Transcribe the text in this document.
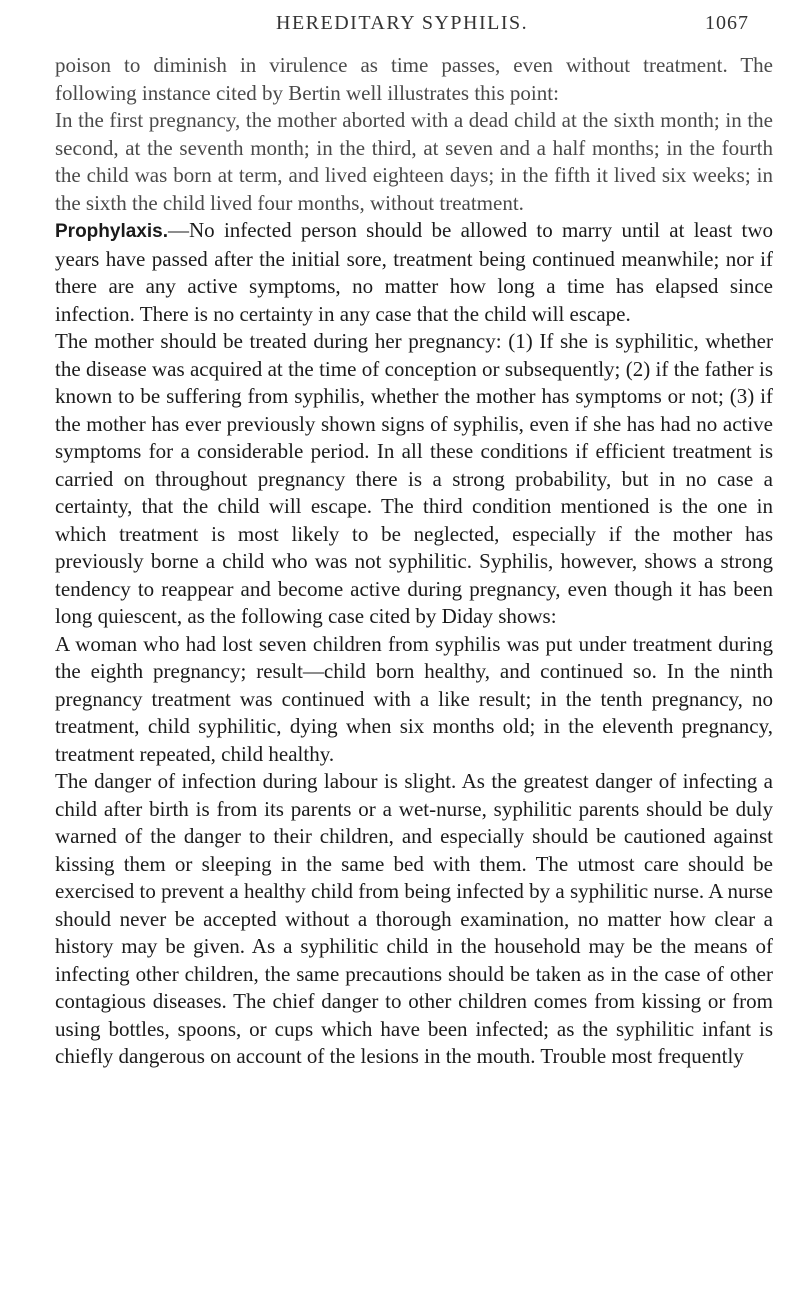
HEREDITARY SYPHILIS.	1067

poison to diminish in virulence as time passes, even without treatment. The following instance cited by Bertin well illustrates this point:

In the first pregnancy, the mother aborted with a dead child at the sixth month; in the second, at the seventh month; in the third, at seven and a half months; in the fourth the child was born at term, and lived eighteen days; in the fifth it lived six weeks; in the sixth the child lived four months, without treatment.

Prophylaxis.—No infected person should be allowed to marry until at least two years have passed after the initial sore, treatment being continued meanwhile; nor if there are any active symptoms, no matter how long a time has elapsed since infection. There is no certainty in any case that the child will escape.

The mother should be treated during her pregnancy: (1) If she is syphilitic, whether the disease was acquired at the time of conception or subsequently; (2) if the father is known to be suffering from syphilis, whether the mother has symptoms or not; (3) if the mother has ever previously shown signs of syphilis, even if she has had no active symptoms for a considerable period. In all these conditions if efficient treatment is carried on throughout pregnancy there is a strong probability, but in no case a certainty, that the child will escape. The third condition mentioned is the one in which treatment is most likely to be neglected, especially if the mother has previously borne a child who was not syphilitic. Syphilis, however, shows a strong tendency to reappear and become active during pregnancy, even though it has been long quiescent, as the following case cited by Diday shows:

A woman who had lost seven children from syphilis was put under treatment during the eighth pregnancy; result—child born healthy, and continued so. In the ninth pregnancy treatment was continued with a like result; in the tenth pregnancy, no treatment, child syphilitic, dying when six months old; in the eleventh pregnancy, treatment repeated, child healthy.

The danger of infection during labour is slight. As the greatest danger of infecting a child after birth is from its parents or a wet-nurse, syphilitic parents should be duly warned of the danger to their children, and especially should be cautioned against kissing them or sleeping in the same bed with them. The utmost care should be exercised to prevent a healthy child from being infected by a syphilitic nurse. A nurse should never be accepted without a thorough examination, no matter how clear a history may be given. As a syphilitic child in the household may be the means of infecting other children, the same precautions should be taken as in the case of other contagious diseases. The chief danger to other children comes from kissing or from using bottles, spoons, or cups which have been infected; as the syphilitic infant is chiefly dangerous on account of the lesions in the mouth. Trouble most frequently
